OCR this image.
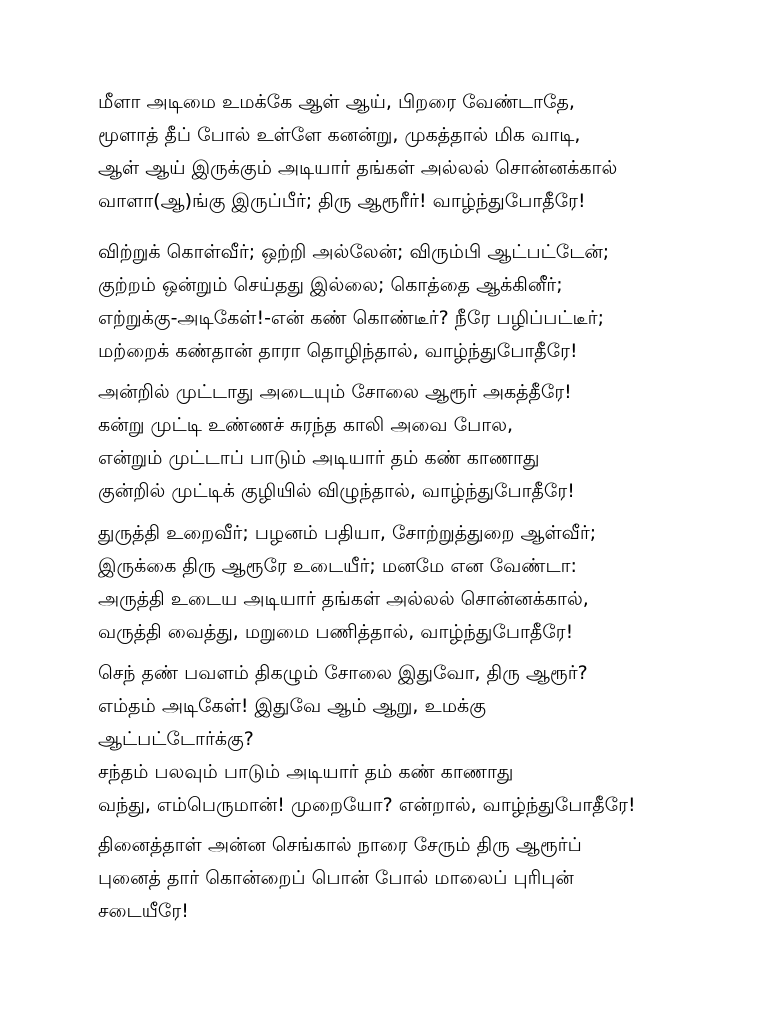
மீளா அடிமை உமக்கே ஆள் ஆய், பிறரை வேண்டாதே,
மூளாத் தீப் போல் உள்ளே கனன்று, முகத்தால் மிக வாடி,
ஆள் ஆய் இருக்கும் அடியார் தங்கள் அல்லல் சொன்னக்கால்
வாளா(ஆ)ங்கு இருப்பீர்; திரு ஆரூரீர்! வாழ்ந்துபோதீரே!
விற்றுக் கொள்வீர்; ஒற்றி அல்லேன்; விரும்பி ஆட்பட்டேன்;
குற்றம் ஒன்றும் செய்தது இல்லை; கொத்தை ஆக்கினீர்;
எற்றுக்கு-அடிகேள்!-என் கண் கொண்டீர்? நீரே பழிப்பட்டீர்;
மற்றைக் கண்தான் தாரா தொழிந்தால், வாழ்ந்துபோதீரே!
அன்றில் முட்டாது அடையும் சோலை ஆரூர் அகத்தீரே!
கன்று முட்டி உண்ணச் சுரந்த காலி அவை போல,
என்றும் முட்டாப் பாடும் அடியார் தம் கண் காணாது
குன்றில் முட்டிக் குழியில் விழுந்தால், வாழ்ந்துபோதீரே!
துருத்தி உறைவீர்; பழனம் பதியா, சோற்றுத்துறை ஆள்வீர்;
இருக்கை திரு ஆரூரே உடையீர்; மனமே என வேண்டா:
அருத்தி உடைய அடியார் தங்கள் அல்லல் சொன்னக்கால்,
வருத்தி வைத்து, மறுமை பணித்தால், வாழ்ந்துபோதீரே!
செந் தண் பவளம் திகழும் சோலை இதுவோ, திரு ஆரூர்?
எம்தம் அடிகேள்! இதுவே ஆம் ஆறு, உமக்கு
ஆட்பட்டோர்க்கு?
சந்தம் பலவும் பாடும் அடியார் தம் கண் காணாது
வந்து, எம்பெருமான்! முறையோ? என்றால், வாழ்ந்துபோதீரே!
தினைத்தாள் அன்ன செங்கால் நாரை சேரும் திரு ஆரூர்ப்
புனைத் தார் கொன்றைப் பொன் போல் மாலைப் புரிபுன்
சடையீரே!
